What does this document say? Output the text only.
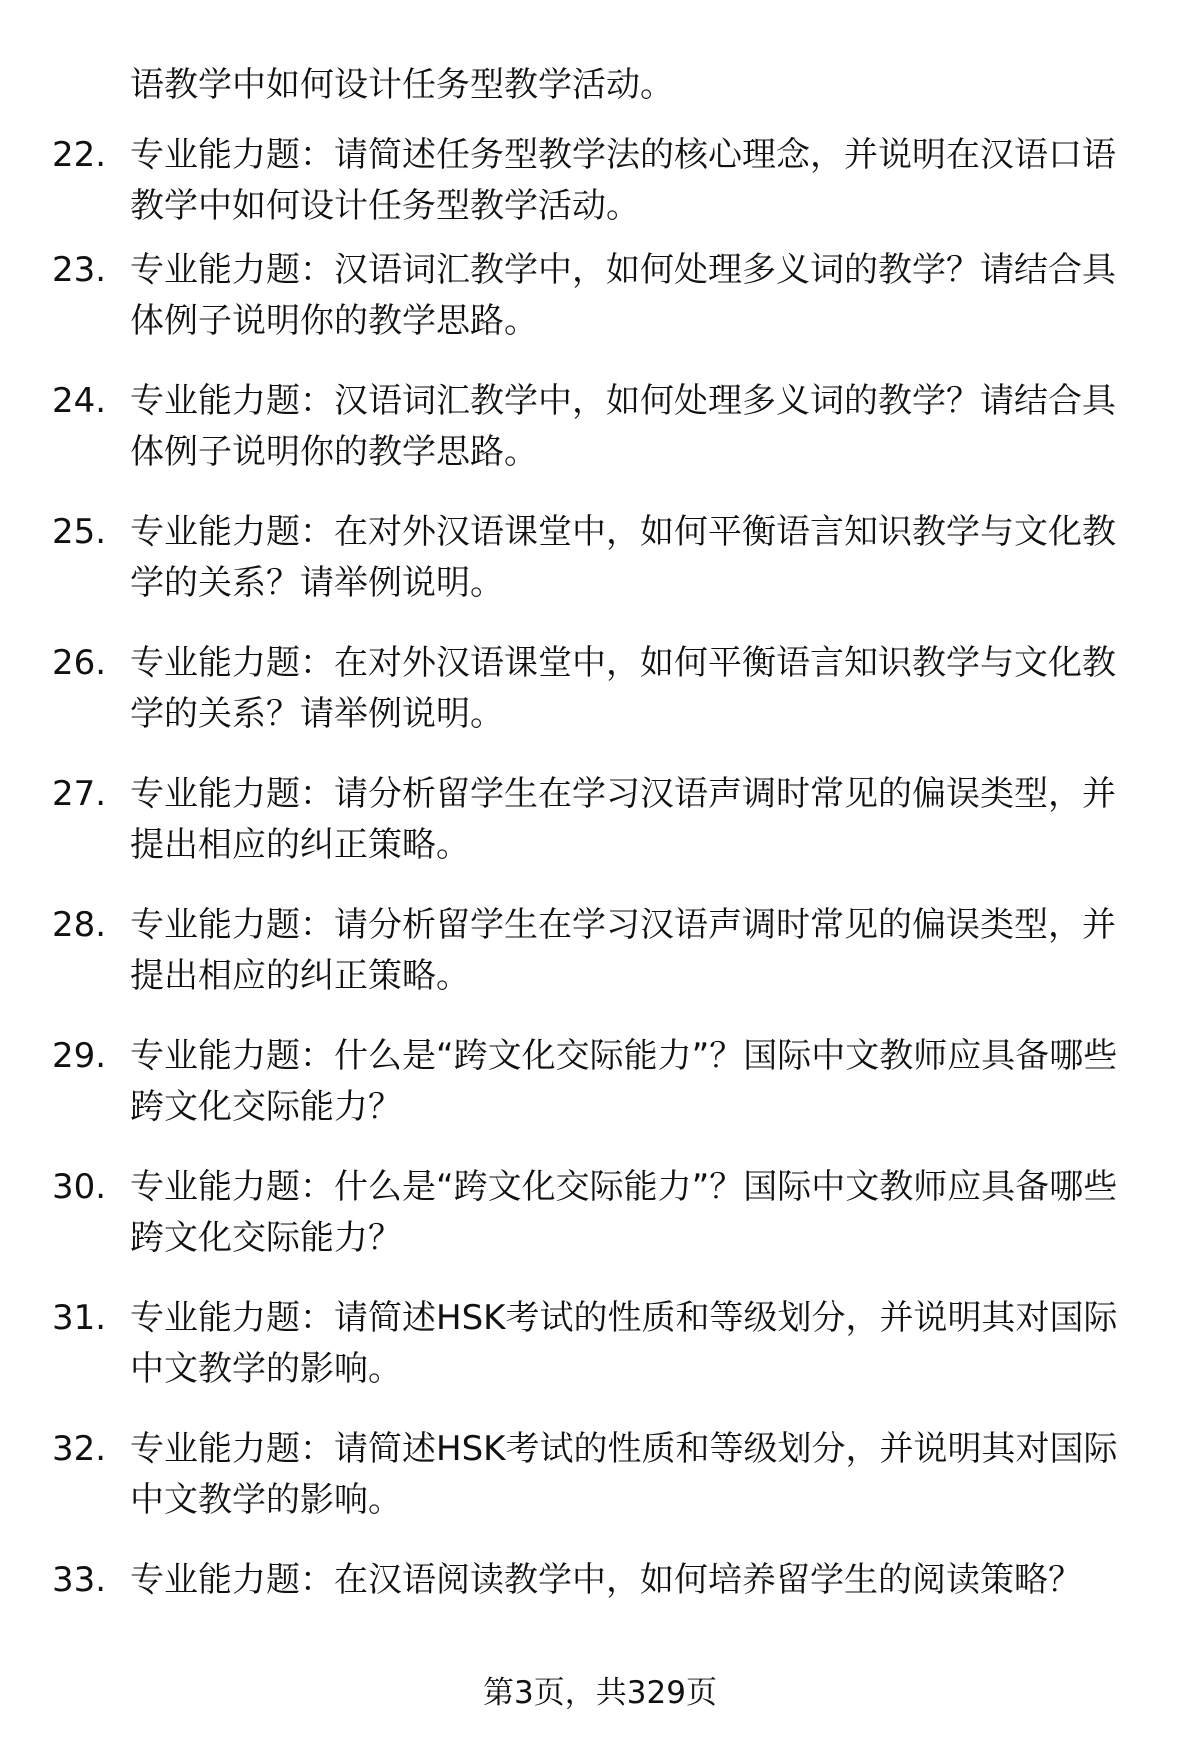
语教学中如何设计任务型教学活动。
22. 专业能力题：请简述任务型教学法的核心理念，并说明在汉语口语教学中如何设计任务型教学活动。
23. 专业能力题：汉语词汇教学中，如何处理多义词的教学？请结合具体例子说明你的教学思路。
24. 专业能力题：汉语词汇教学中，如何处理多义词的教学？请结合具体例子说明你的教学思路。
25. 专业能力题：在对外汉语课堂中，如何平衡语言知识教学与文化教学的关系？请举例说明。
26. 专业能力题：在对外汉语课堂中，如何平衡语言知识教学与文化教学的关系？请举例说明。
27. 专业能力题：请分析留学生在学习汉语声调时常见的偏误类型，并提出相应的纠正策略。
28. 专业能力题：请分析留学生在学习汉语声调时常见的偏误类型，并提出相应的纠正策略。
29. 专业能力题：什么是“跨文化交际能力”？国际中文教师应具备哪些跨文化交际能力？
30. 专业能力题：什么是“跨文化交际能力”？国际中文教师应具备哪些跨文化交际能力？
31. 专业能力题：请简述HSK考试的性质和等级划分，并说明其对国际中文教学的影响。
32. 专业能力题：请简述HSK考试的性质和等级划分，并说明其对国际中文教学的影响。
33. 专业能力题：在汉语阅读教学中，如何培养留学生的阅读策略？
第3页，共329页
